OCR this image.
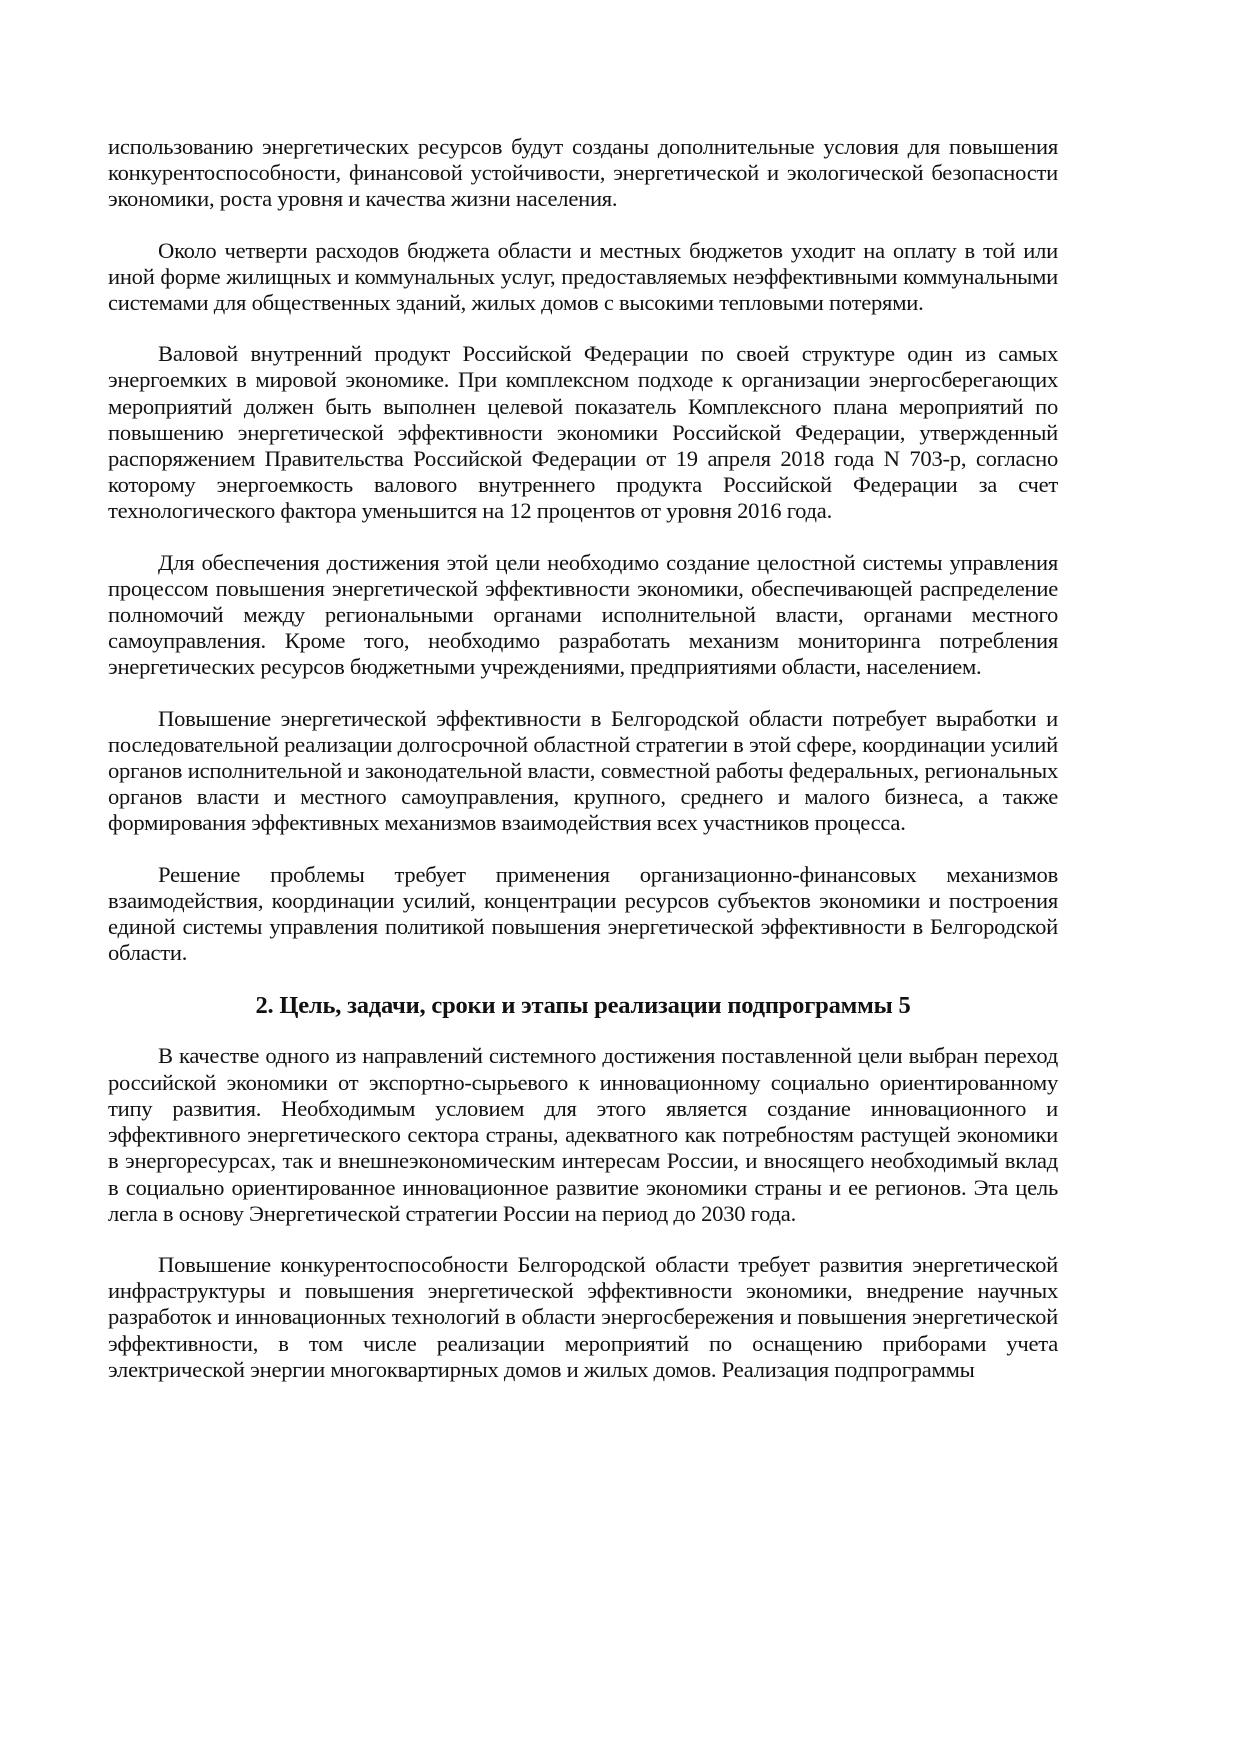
использованию энергетических ресурсов будут созданы дополнительные условия для повышения конкурентоспособности, финансовой устойчивости, энергетической и экологической безопасности экономики, роста уровня и качества жизни населения.

Около четверти расходов бюджета области и местных бюджетов уходит на оплату в той или иной форме жилищных и коммунальных услуг, предоставляемых неэффективными коммунальными системами для общественных зданий, жилых домов с высокими тепловыми потерями.

Валовой внутренний продукт Российской Федерации по своей структуре один из самых энергоемких в мировой экономике. При комплексном подходе к организации энергосберегающих мероприятий должен быть выполнен целевой показатель Комплексного плана мероприятий по повышению энергетической эффективности экономики Российской Федерации, утвержденный распоряжением Правительства Российской Федерации от 19 апреля 2018 года N 703-р, согласно которому энергоемкость валового внутреннего продукта Российской Федерации за счет технологического фактора уменьшится на 12 процентов от уровня 2016 года.

Для обеспечения достижения этой цели необходимо создание целостной системы управления процессом повышения энергетической эффективности экономики, обеспечивающей распределение полномочий между региональными органами исполнительной власти, органами местного самоуправления. Кроме того, необходимо разработать механизм мониторинга потребления энергетических ресурсов бюджетными учреждениями, предприятиями области, населением.

Повышение энергетической эффективности в Белгородской области потребует выработки и последовательной реализации долгосрочной областной стратегии в этой сфере, координации усилий органов исполнительной и законодательной власти, совместной работы федеральных, региональных органов власти и местного самоуправления, крупного, среднего и малого бизнеса, а также формирования эффективных механизмов взаимодействия всех участников процесса.

Решение проблемы требует применения организационно-финансовых механизмов взаимодействия, координации усилий, концентрации ресурсов субъектов экономики и построения единой системы управления политикой повышения энергетической эффективности в Белгородской области.

2. Цель, задачи, сроки и этапы реализации подпрограммы 5

В качестве одного из направлений системного достижения поставленной цели выбран переход российской экономики от экспортно-сырьевого к инновационному социально ориентированному типу развития. Необходимым условием для этого является создание инновационного и эффективного энергетического сектора страны, адекватного как потребностям растущей экономики в энергоресурсах, так и внешнеэкономическим интересам России, и вносящего необходимый вклад в социально ориентированное инновационное развитие экономики страны и ее регионов. Эта цель легла в основу Энергетической стратегии России на период до 2030 года.

Повышение конкурентоспособности Белгородской области требует развития энергетической инфраструктуры и повышения энергетической эффективности экономики, внедрение научных разработок и инновационных технологий в области энергосбережения и повышения энергетической эффективности, в том числе реализации мероприятий по оснащению приборами учета электрической энергии многоквартирных домов и жилых домов. Реализация подпрограммы
